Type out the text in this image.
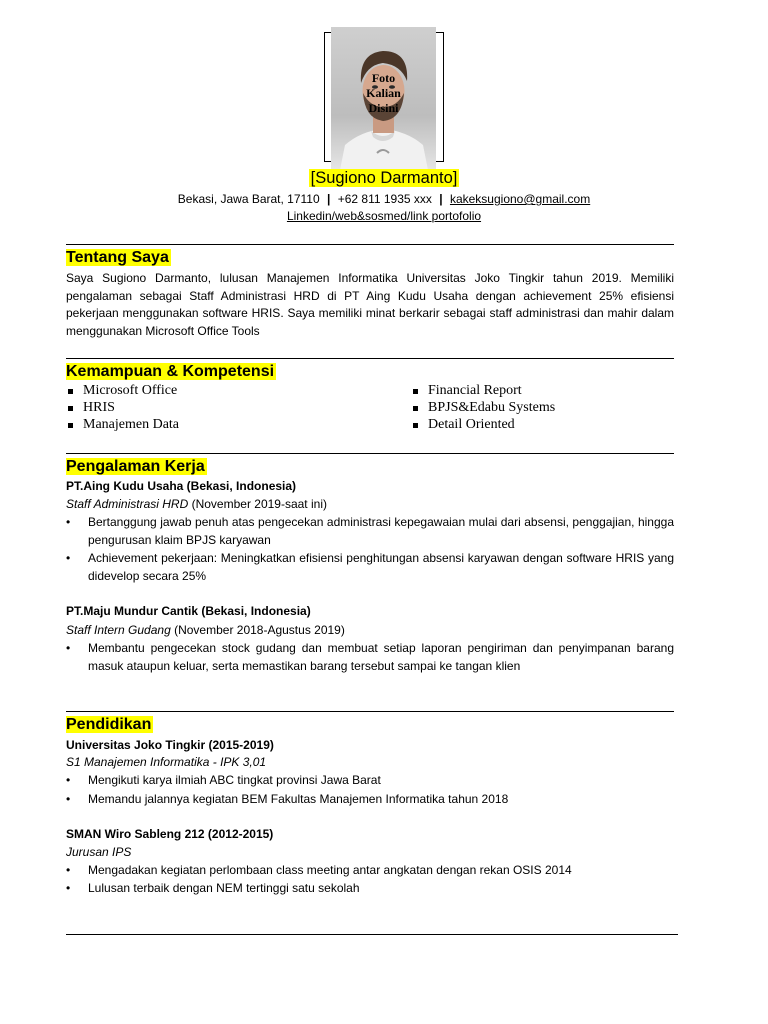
Foto
Kalian
Disini
[Sugiono Darmanto]
Bekasi, Jawa Barat, 17110 | +62 811 1935 xxx | kakeksugiono@gmail.com
Linkedin/web&sosmed/link portofolio
Tentang Saya
Saya Sugiono Darmanto, lulusan Manajemen Informatika Universitas Joko Tingkir tahun 2019. Memiliki pengalaman sebagai Staff Administrasi HRD di PT Aing Kudu Usaha dengan achievement 25% efisiensi pekerjaan menggunakan software HRIS. Saya memiliki minat berkarir sebagai staff administrasi dan mahir dalam menggunakan Microsoft Office Tools
Kemampuan & Kompetensi
Microsoft Office
HRIS
Manajemen Data
Financial Report
BPJS&Edabu Systems
Detail Oriented
Pengalaman Kerja
PT.Aing Kudu Usaha (Bekasi, Indonesia)
Staff Administrasi HRD (November 2019-saat ini)
• Bertanggung jawab penuh atas pengecekan administrasi kepegawaian mulai dari absensi, penggajian, hingga pengurusan klaim BPJS karyawan
• Achievement pekerjaan: Meningkatkan efisiensi penghitungan absensi karyawan dengan software HRIS yang didevelop secara 25%
PT.Maju Mundur Cantik (Bekasi, Indonesia)
Staff Intern Gudang (November 2018-Agustus 2019)
• Membantu pengecekan stock gudang dan membuat setiap laporan pengiriman dan penyimpanan barang masuk ataupun keluar, serta memastikan barang tersebut sampai ke tangan klien
Pendidikan
Universitas Joko Tingkir (2015-2019)
S1 Manajemen Informatika - IPK 3,01
• Mengikuti karya ilmiah ABC tingkat provinsi Jawa Barat
• Memandu jalannya kegiatan BEM Fakultas Manajemen Informatika tahun 2018
SMAN Wiro Sableng 212 (2012-2015)
Jurusan IPS
• Mengadakan kegiatan perlombaan class meeting antar angkatan dengan rekan OSIS 2014
• Lulusan terbaik dengan NEM tertinggi satu sekolah
